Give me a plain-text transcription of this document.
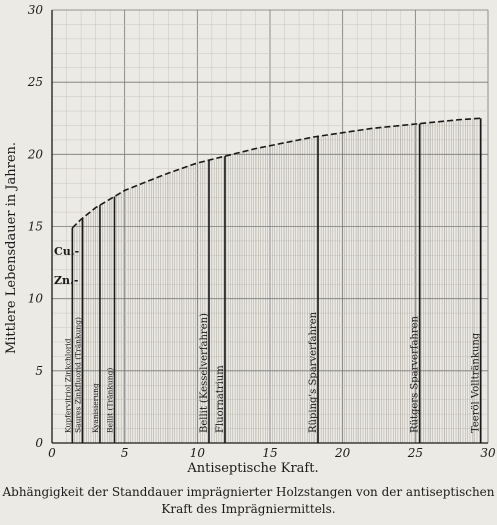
Kupfervitriol Zinkchlorid Saures Zinkfluorid (Tränkung) Kyanisierung Bellit (Tränkung)	Bellit (Kesselverfahren) Fluornatrium	Rüping's Sparverfahren	Rütgers Sparverfahren	Teeröl Volltränkung
0	5	10	15	20	25	30
0
5
10
15
20
25
30
Cu.-
Zn.-
Mittlere Lebensdauer in Jahren.
Antiseptische Kraft.
Abhängigkeit der Standdauer imprägnierter Holzstangen von der antiseptischen Kraft des Imprägniermittels.
